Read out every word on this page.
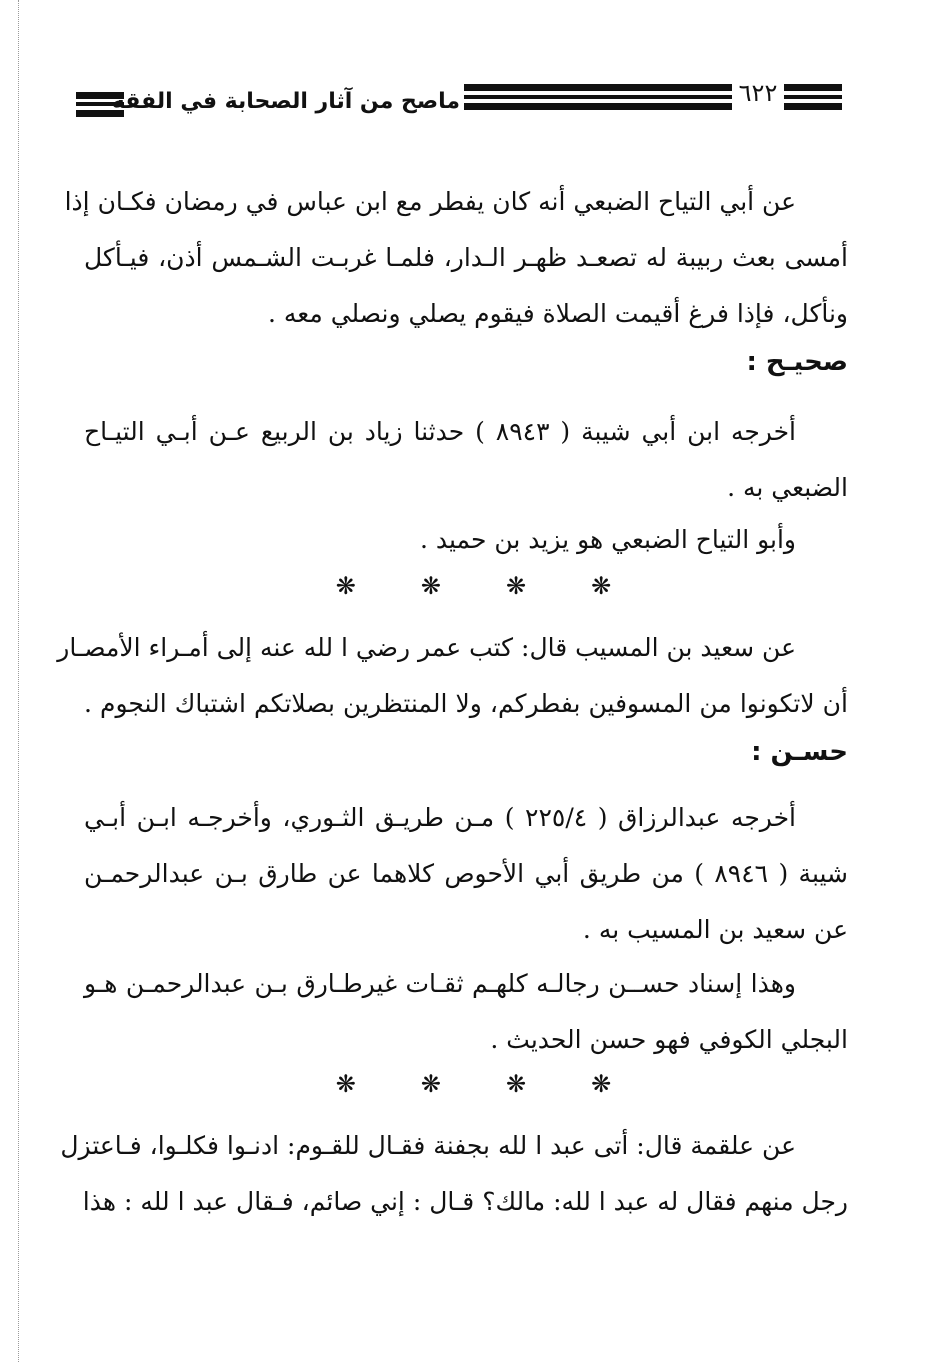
ماصح من آثار الصحابة في الفقه	٦٢٢
عن أبي التياح الضبعي أنه كان يفطر مع ابن عباس في رمضان فكـان إذا
أمسى بعث ربيبة له تصعـد ظهـر الـدار، فلمـا غربـت الشـمس أذن، فيـأكل
ونأكل، فإذا فرغ أقيمت الصلاة فيقوم يصلي ونصلي معه .
صحيـح :
أخرجه ابن أبي شيبة ( ٨٩٤٣ ) حدثنا زياد بن الربيع عـن أبـي التيـاح
الضبعي به .
وأبو التياح الضبعي هو يزيد بن حميد .
❋	❋	❋	❋
عن سعيد بن المسيب قال: كتب عمر رضي ا لله عنه إلى أمـراء الأمصـار
أن لاتكونوا من المسوفين بفطركم، ولا المنتظرين بصلاتكم اشتباك النجوم .
حسـن :
أخرجه عبدالرزاق ( ٢٢٥/٤ ) مـن طريـق الثـوري، وأخرجـه ابـن أبـي
شيبة ( ٨٩٤٦ ) من طريق أبي الأحوص كلاهما عن طارق بـن عبدالرحمـن
عن سعيد بن المسيب به .
وهذا إسناد حســن رجالـه كلهـم ثقـات غيرطـارق بـن عبدالرحمـن هـو
البجلي الكوفي فهو حسن الحديث .
❋	❋	❋	❋
عن علقمة قال: أتى عبد ا لله بجفنة فقـال للقـوم: ادنـوا فكلـوا، فـاعتزل
رجل منهم فقال له عبد ا لله: مالك؟ قـال : إني صائم، فـقال عبد ا لله : هذا
